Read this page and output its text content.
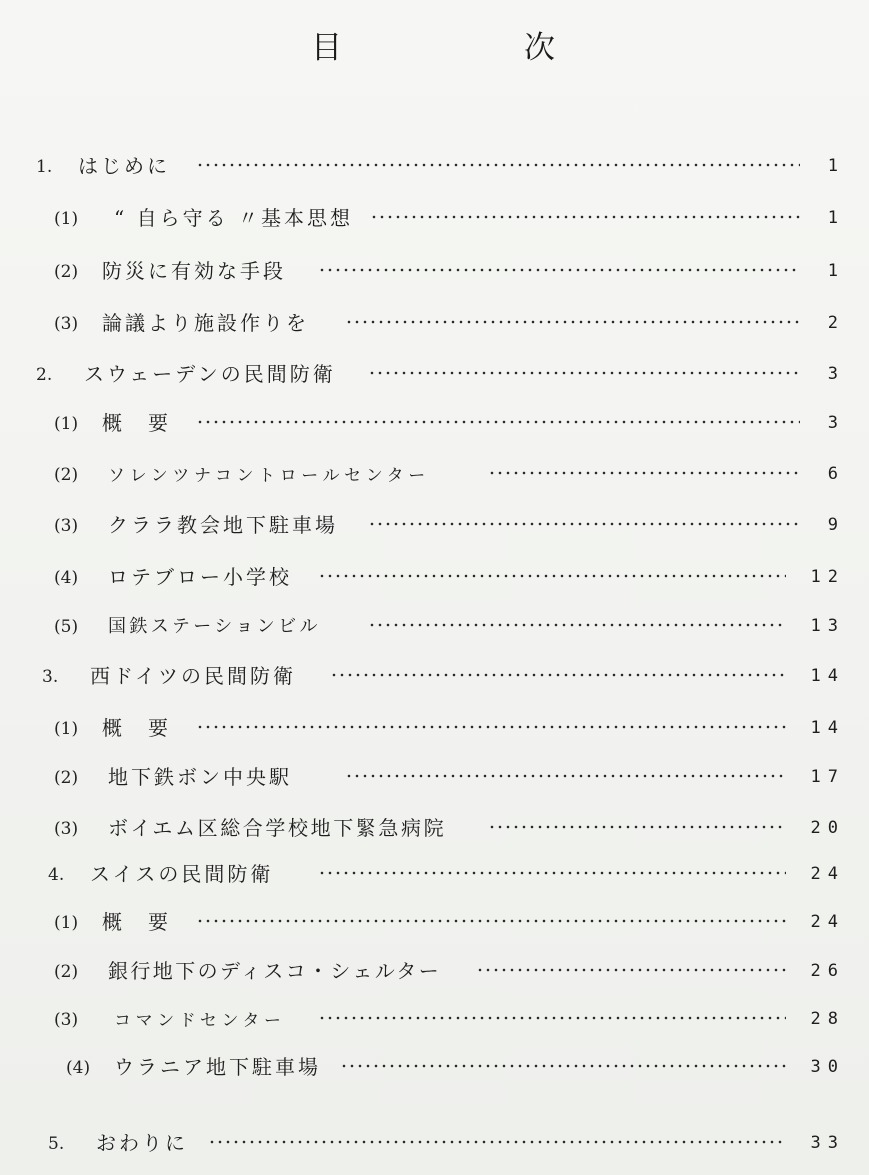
目	次
1. はじめに	1
(1) “ 自ら守る 〃基本思想	1
(2) 防災に有効な手段	1
(3) 論議より施設作りを	2
2. スウェーデンの民間防衛	3
(1) 概　要	3
(2) ソレンツナコントロールセンター	6
(3) クララ教会地下駐車場	9
(4) ロテブロー小学校	12
(5) 国鉄ステーションビル	13
3. 西ドイツの民間防衛	14
(1) 概　要	14
(2) 地下鉄ボン中央駅	17
(3) ボイエム区総合学校地下緊急病院	20
4. スイスの民間防衛	24
(1) 概　要	24
(2) 銀行地下のディスコ・シェルター	26
(3) コマンドセンター	28
(4) ウラニア地下駐車場	30
5. おわりに	33
